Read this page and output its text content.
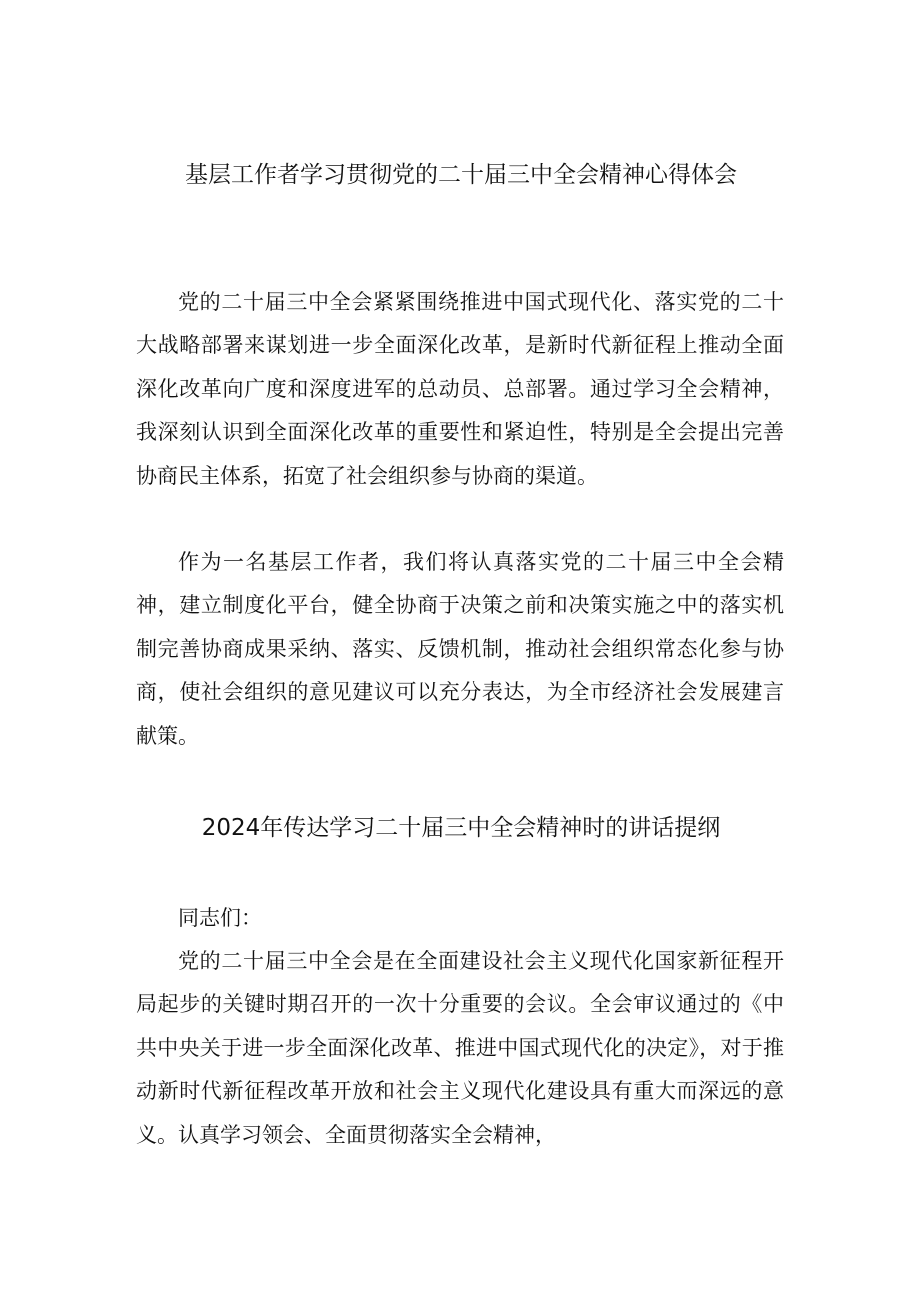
基层工作者学习贯彻党的二十届三中全会精神心得体会

党的二十届三中全会紧紧围绕推进中国式现代化、落实党的二十大战略部署来谋划进一步全面深化改革，是新时代新征程上推动全面深化改革向广度和深度进军的总动员、总部署。通过学习全会精神，我深刻认识到全面深化改革的重要性和紧迫性，特别是全会提出完善协商民主体系，拓宽了社会组织参与协商的渠道。

作为一名基层工作者，我们将认真落实党的二十届三中全会精神，建立制度化平台，健全协商于决策之前和决策实施之中的落实机制完善协商成果采纳、落实、反馈机制，推动社会组织常态化参与协商，使社会组织的意见建议可以充分表达，为全市经济社会发展建言献策。

2024年传达学习二十届三中全会精神时的讲话提纲

同志们：

党的二十届三中全会是在全面建设社会主义现代化国家新征程开局起步的关键时期召开的一次十分重要的会议。全会审议通过的《中共中央关于进一步全面深化改革、推进中国式现代化的决定》，对于推动新时代新征程改革开放和社会主义现代化建设具有重大而深远的意义。认真学习领会、全面贯彻落实全会精神，
